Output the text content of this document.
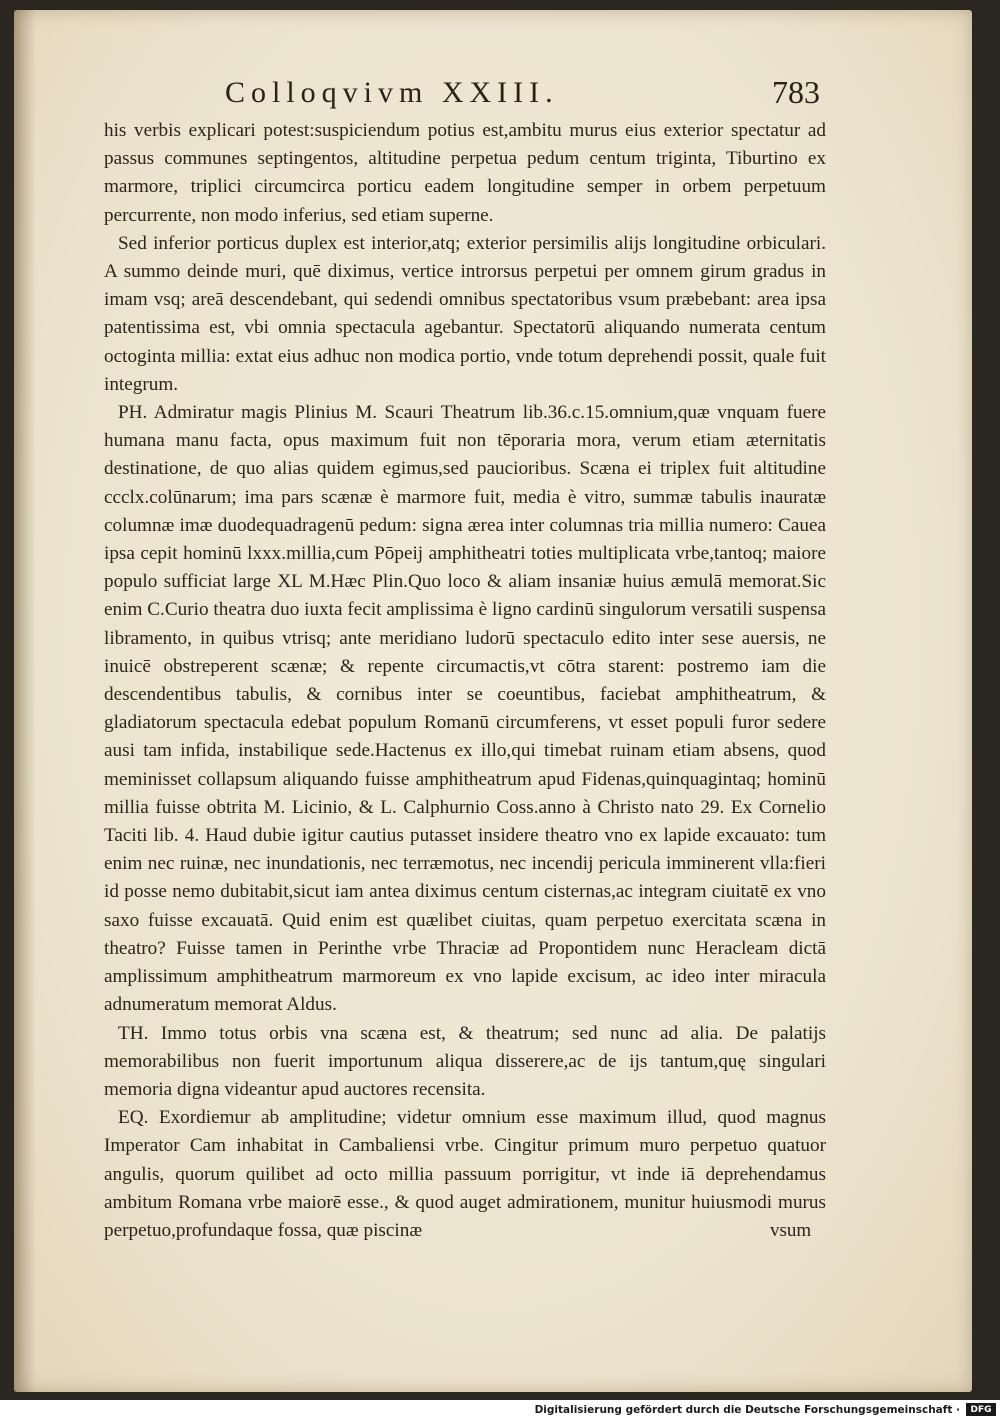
Colloqvivm XXIII.	783

his verbis explicari potest:suspiciendum potius est,ambitu murus eius exterior spectatur ad passus communes septingentos, altitudine perpetua pedum centum triginta, Tiburtino ex marmore, triplici circumcirca porticu eadem longitudine semper in orbem perpetuum percurrente, non modo inferius, sed etiam superne.

Sed inferior porticus duplex est interior,atq; exterior persimilis alijs longitudine orbiculari. A summo deinde muri, quē diximus, vertice introrsus perpetui per omnem girum gradus in imam vsq; areā descendebant, qui sedendi omnibus spectatoribus vsum præbebant: area ipsa patentissima est, vbi omnia spectacula agebantur. Spectatorū aliquando numerata centum octoginta millia: extat eius adhuc non modica portio, vnde totum deprehendi possit, quale fuit integrum.

PH. Admiratur magis Plinius M. Scauri Theatrum lib.36.c.15.omnium,quæ vnquam fuere humana manu facta, opus maximum fuit non tēporaria mora, verum etiam æternitatis destinatione, de quo alias quidem egimus,sed paucioribus. Scæna ei triplex fuit altitudine ccclx.colūnarum; ima pars scænæ è marmore fuit, media è vitro, summæ tabulis inauratæ columnæ imæ duodequadragenū pedum: signa ærea inter columnas tria millia numero: Cauea ipsa cepit hominū lxxx.millia,cum Pōpeij amphitheatri toties multiplicata vrbe,tantoq; maiore populo sufficiat large XL M.Hæc Plin.Quo loco & aliam insaniæ huius æmulā memorat.Sic enim C.Curio theatra duo iuxta fecit amplissima è ligno cardinū singulorum versatili suspensa libramento, in quibus vtrisq; ante meridiano ludorū spectaculo edito inter sese auersis, ne inuicē obstreperent scænæ; & repente circumactis,vt cōtra starent: postremo iam die descendentibus tabulis, & cornibus inter se coeuntibus, faciebat amphitheatrum, & gladiatorum spectacula edebat populum Romanū circumferens, vt esset populi furor sedere ausi tam infida, instabilique sede.Hactenus ex illo,qui timebat ruinam etiam absens, quod meminisset collapsum aliquando fuisse amphitheatrum apud Fidenas,quinquagintaq; hominū millia fuisse obtrita M. Licinio, & L. Calphurnio Coss.anno à Christo nato 29. Ex Cornelio Taciti lib. 4. Haud dubie igitur cautius putasset insidere theatro vno ex lapide excauato: tum enim nec ruinæ, nec inundationis, nec terræmotus, nec incendij pericula imminerent vlla:fieri id posse nemo dubitabit,sicut iam antea diximus centum cisternas,ac integram ciuitatē ex vno saxo fuisse excauatā. Quid enim est quælibet ciuitas, quam perpetuo exercitata scæna in theatro? Fuisse tamen in Perinthe vrbe Thraciæ ad Propontidem nunc Heracleam dictā amplissimum amphitheatrum marmoreum ex vno lapide excisum, ac ideo inter miracula adnumeratum memorat Aldus.

TH. Immo totus orbis vna scæna est, & theatrum; sed nunc ad alia. De palatijs memorabilibus non fuerit importunum aliqua disserere,ac de ijs tantum,quę singulari memoria digna videantur apud auctores recensita.

EQ. Exordiemur ab amplitudine; videtur omnium esse maximum illud, quod magnus Imperator Cam inhabitat in Cambaliensi vrbe. Cingitur primum muro perpetuo quatuor angulis, quorum quilibet ad octo millia passuum porrigitur, vt inde iā deprehendamus ambitum Romana vrbe maiorē esse., & quod auget admirationem, munitur huiusmodi murus perpetuo,profundaque fossa, quæ piscinæ	vsum
Digitalisierung gefördert durch die Deutsche Forschungsgemeinschaft ·	DFG
